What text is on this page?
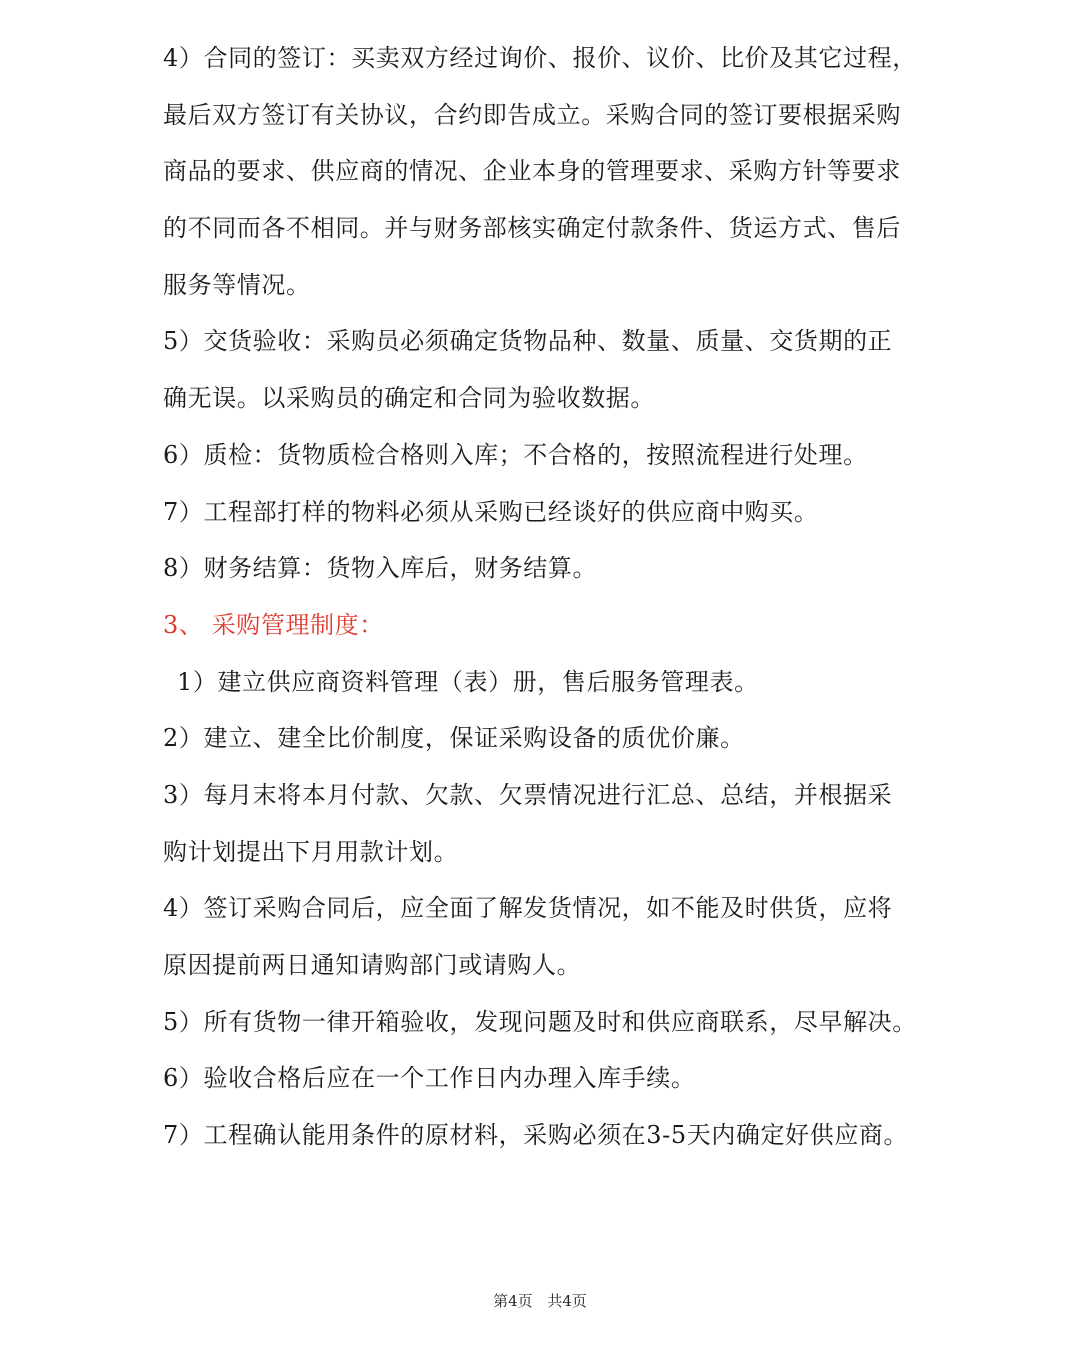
4）合同的签订：买卖双方经过询价、报价、议价、比价及其它过程，
最后双方签订有关协议，合约即告成立。采购合同的签订要根据采购
商品的要求、供应商的情况、企业本身的管理要求、采购方针等要求
的不同而各不相同。并与财务部核实确定付款条件、货运方式、售后
服务等情况。
5）交货验收：采购员必须确定货物品种、数量、质量、交货期的正
确无误。以采购员的确定和合同为验收数据。
6）质检：货物质检合格则入库；不合格的，按照流程进行处理。
7）工程部打样的物料必须从采购已经谈好的供应商中购买。
8）财务结算：货物入库后，财务结算。
3、 采购管理制度：
1）建立供应商资料管理（表）册，售后服务管理表。
2）建立、建全比价制度，保证采购设备的质优价廉。
3）每月末将本月付款、欠款、欠票情况进行汇总、总结，并根据采
购计划提出下月用款计划。
4）签订采购合同后，应全面了解发货情况，如不能及时供货，应将
原因提前两日通知请购部门或请购人。
5）所有货物一律开箱验收，发现问题及时和供应商联系，尽早解决。
6）验收合格后应在一个工作日内办理入库手续。
7）工程确认能用条件的原材料，采购必须在3-5天内确定好供应商。
第4页 共4页
